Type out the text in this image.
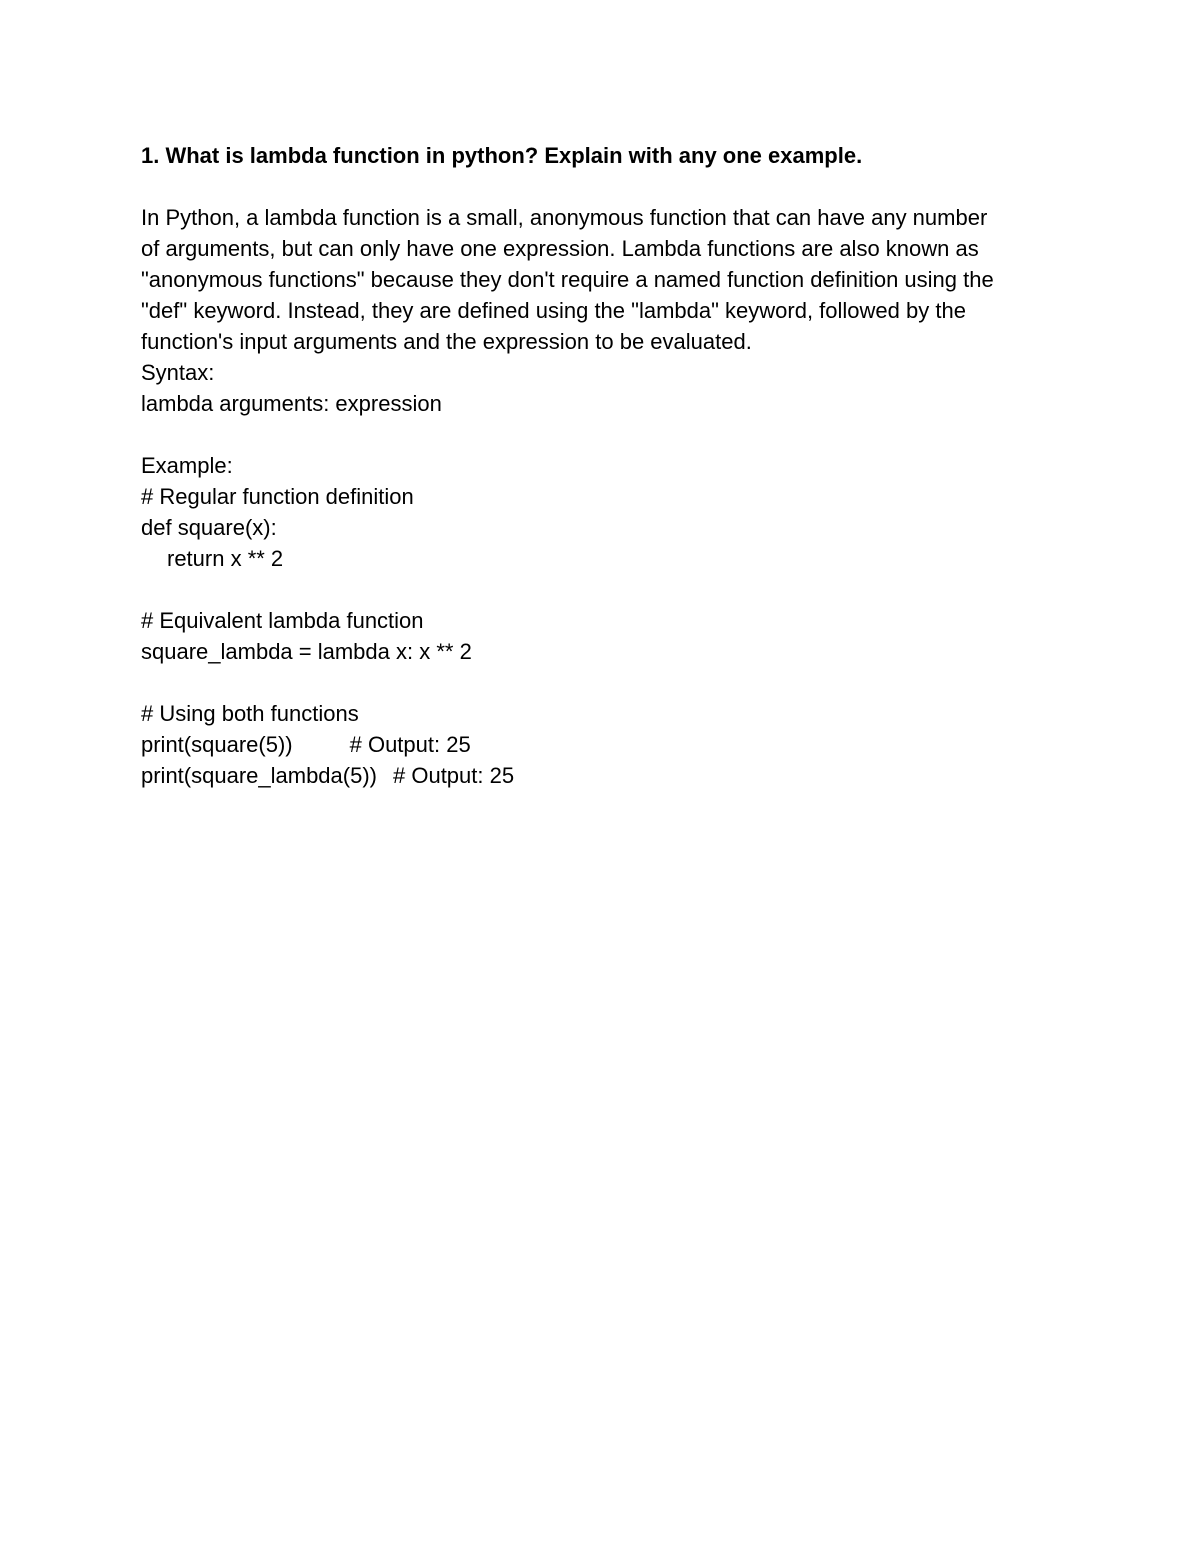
1. What is lambda function in python? Explain with any one example.

In Python, a lambda function is a small, anonymous function that can have any number
of arguments, but can only have one expression. Lambda functions are also known as
"anonymous functions" because they don't require a named function definition using the
"def" keyword. Instead, they are defined using the "lambda" keyword, followed by the
function's input arguments and the expression to be evaluated.
Syntax:
lambda arguments: expression
Example:
# Regular function definition
def square(x):
return x ** 2
# Equivalent lambda function
square_lambda = lambda x: x ** 2
# Using both functions
print(square(5))	# Output: 25
print(square_lambda(5)) # Output: 25
